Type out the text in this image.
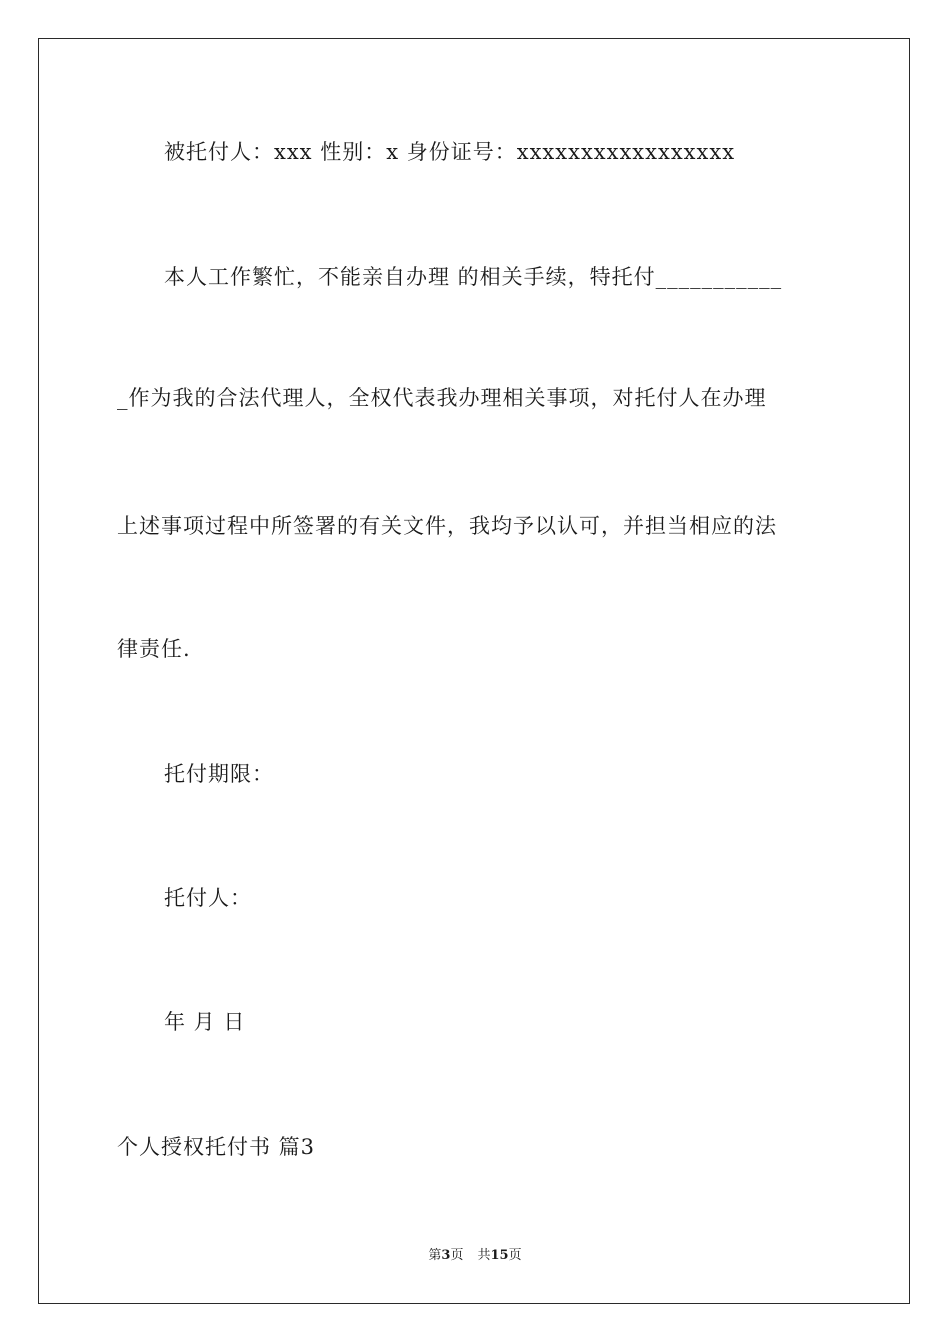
被托付人：xxx 性别：x 身份证号：xxxxxxxxxxxxxxxxx
本人工作繁忙，不能亲自办理 的相关手续，特托付___________
_作为我的合法代理人，全权代表我办理相关事项，对托付人在办理
上述事项过程中所签署的有关文件，我均予以认可，并担当相应的法
律责任.
托付期限：
托付人：
年 月 日
个人授权托付书 篇3
第3页 共15页
